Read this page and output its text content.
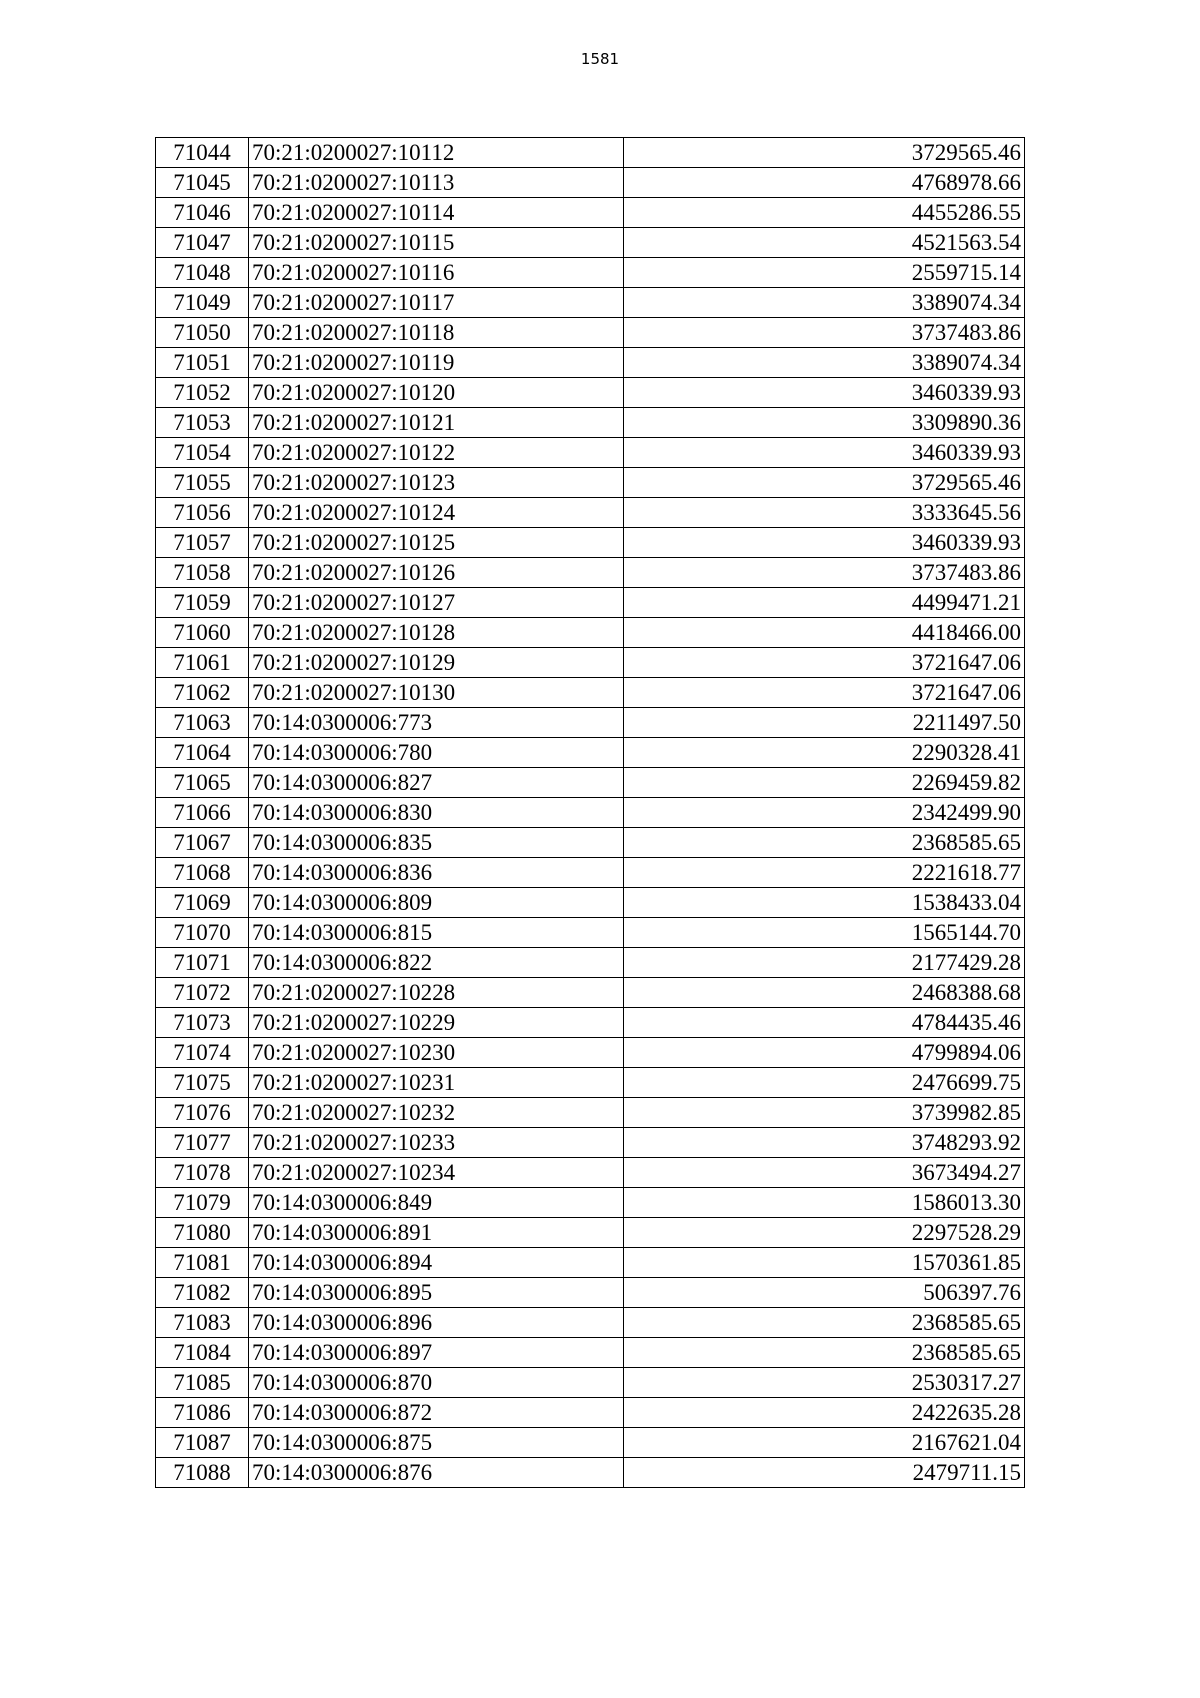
1581
71044	70:21:0200027:10112	3729565.46
71045	70:21:0200027:10113	4768978.66
71046	70:21:0200027:10114	4455286.55
71047	70:21:0200027:10115	4521563.54
71048	70:21:0200027:10116	2559715.14
71049	70:21:0200027:10117	3389074.34
71050	70:21:0200027:10118	3737483.86
71051	70:21:0200027:10119	3389074.34
71052	70:21:0200027:10120	3460339.93
71053	70:21:0200027:10121	3309890.36
71054	70:21:0200027:10122	3460339.93
71055	70:21:0200027:10123	3729565.46
71056	70:21:0200027:10124	3333645.56
71057	70:21:0200027:10125	3460339.93
71058	70:21:0200027:10126	3737483.86
71059	70:21:0200027:10127	4499471.21
71060	70:21:0200027:10128	4418466.00
71061	70:21:0200027:10129	3721647.06
71062	70:21:0200027:10130	3721647.06
71063	70:14:0300006:773	2211497.50
71064	70:14:0300006:780	2290328.41
71065	70:14:0300006:827	2269459.82
71066	70:14:0300006:830	2342499.90
71067	70:14:0300006:835	2368585.65
71068	70:14:0300006:836	2221618.77
71069	70:14:0300006:809	1538433.04
71070	70:14:0300006:815	1565144.70
71071	70:14:0300006:822	2177429.28
71072	70:21:0200027:10228	2468388.68
71073	70:21:0200027:10229	4784435.46
71074	70:21:0200027:10230	4799894.06
71075	70:21:0200027:10231	2476699.75
71076	70:21:0200027:10232	3739982.85
71077	70:21:0200027:10233	3748293.92
71078	70:21:0200027:10234	3673494.27
71079	70:14:0300006:849	1586013.30
71080	70:14:0300006:891	2297528.29
71081	70:14:0300006:894	1570361.85
71082	70:14:0300006:895	506397.76
71083	70:14:0300006:896	2368585.65
71084	70:14:0300006:897	2368585.65
71085	70:14:0300006:870	2530317.27
71086	70:14:0300006:872	2422635.28
71087	70:14:0300006:875	2167621.04
71088	70:14:0300006:876	2479711.15
